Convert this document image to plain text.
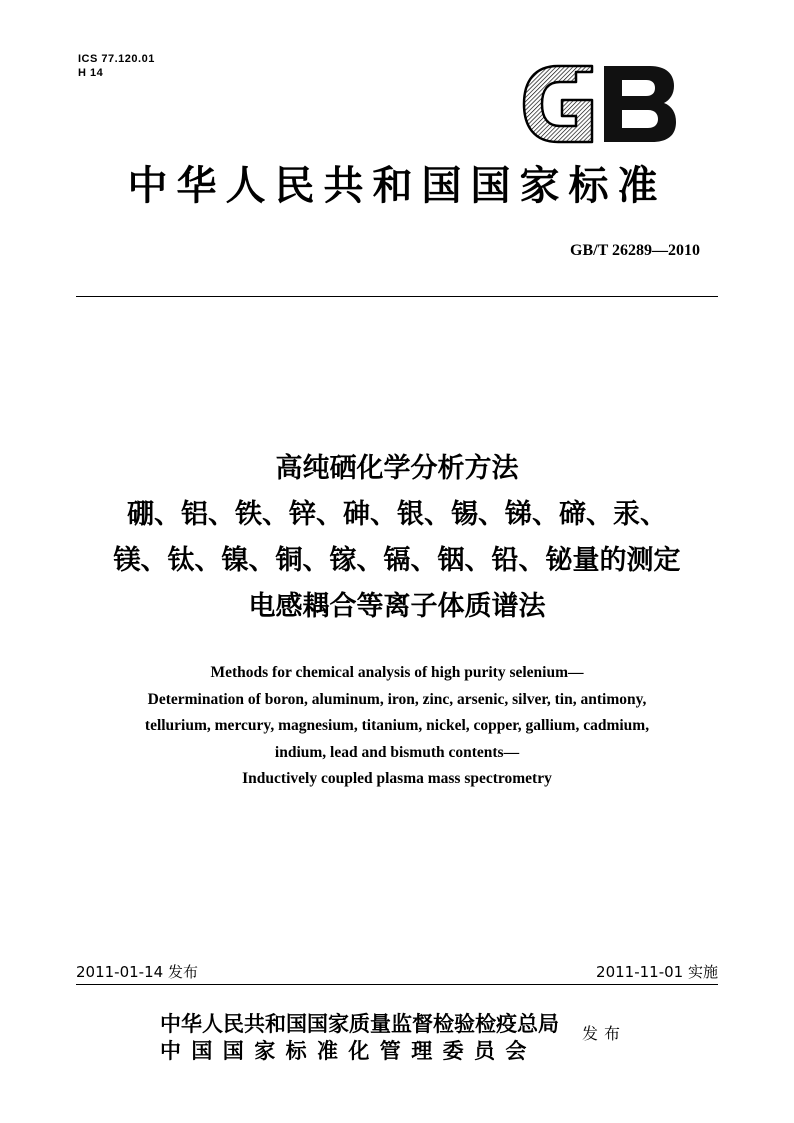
ICS 77.120.01
H 14
中华人民共和国国家标准
GB/T 26289—2010
高纯硒化学分析方法
硼、铝、铁、锌、砷、银、锡、锑、碲、汞、
镁、钛、镍、铜、镓、镉、铟、铅、铋量的测定
电感耦合等离子体质谱法
Methods for chemical analysis of high purity selenium—
Determination of boron, aluminum, iron, zinc, arsenic, silver, tin, antimony,
tellurium, mercury, magnesium, titanium, nickel, copper, gallium, cadmium,
indium, lead and bismuth contents—
Inductively coupled plasma mass spectrometry
2011-01-14 发布	2011-11-01 实施
中华人民共和国国家质量监督检验检疫总局
中国国家标准化管理委员会
发布
